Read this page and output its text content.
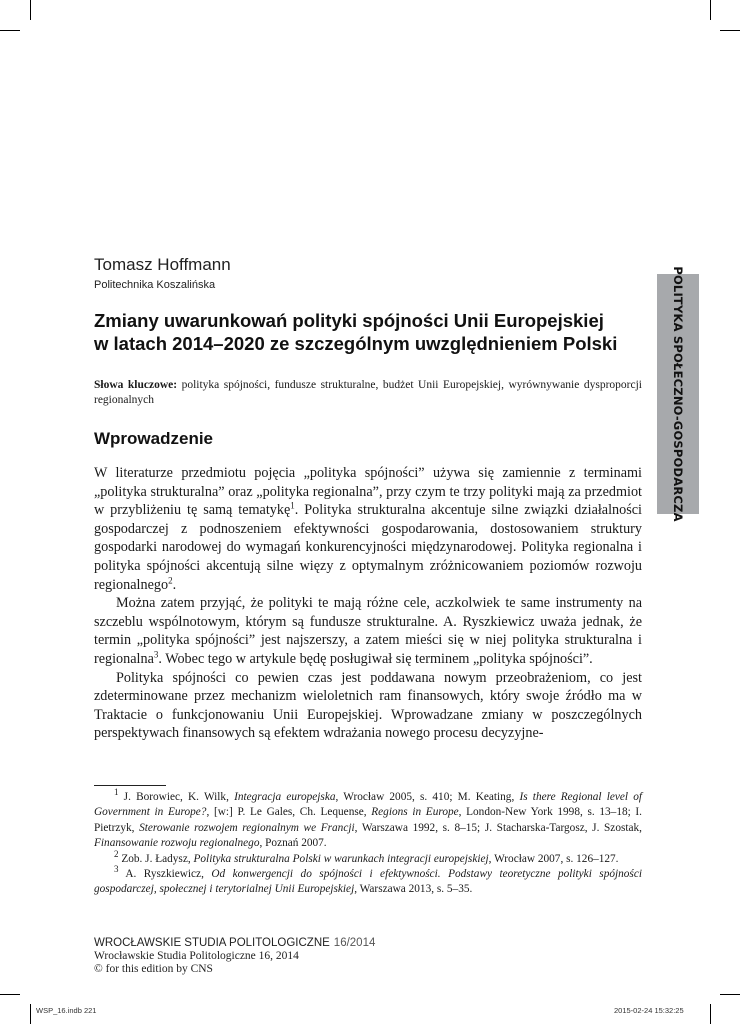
POLITYKA SPOŁECZNO-GOSPODARCZA
Tomasz Hoffmann
Politechnika Koszalińska
Zmiany uwarunkowań polityki spójności Unii Europejskiej
w latach 2014–2020 ze szczególnym uwzględnieniem Polski
Słowa kluczowe: polityka spójności, fundusze strukturalne, budżet Unii Europejskiej, wyrównywanie dysproporcji regionalnych
Wprowadzenie

W literaturze przedmiotu pojęcia „polityka spójności” używa się zamiennie z terminami „polityka strukturalna” oraz „polityka regionalna”, przy czym te trzy polityki mają za przedmiot w przybliżeniu tę samą tematykę$^1$. Polityka strukturalna akcentuje silne związki działalności gospodarczej z podnoszeniem efektywności gospodarowania, dostosowaniem struktury gospodarki narodowej do wymagań konkurencyjności międzynarodowej. Polityka regionalna i polityka spójności akcentują silne więzy z optymalnym zróżnicowaniem poziomów rozwoju regionalnego$^2$.

Można zatem przyjąć, że polityki te mają różne cele, aczkolwiek te same instrumenty na szczeblu wspólnotowym, którym są fundusze strukturalne. A. Ryszkiewicz uważa jednak, że termin „polityka spójności” jest najszerszy, a zatem mieści się w niej polityka strukturalna i regionalna$^3$. Wobec tego w artykule będę posługiwał się terminem „polityka spójności”.

Polityka spójności co pewien czas jest poddawana nowym przeobrażeniom, co jest zdeterminowane przez mechanizm wieloletnich ram finansowych, który swoje źródło ma w Traktacie o funkcjonowaniu Unii Europejskiej. Wprowadzane zmiany w poszczególnych perspektywach finansowych są efektem wdrażania nowego procesu decyzyjne-

$^1$ J. Borowiec, K. Wilk, Integracja europejska, Wrocław 2005, s. 410; M. Keating, Is there Regional level of Government in Europe?, [w:] P. Le Gales, Ch. Lequense, Regions in Europe, London-New York 1998, s. 13–18; I. Pietrzyk, Sterowanie rozwojem regionalnym we Francji, Warszawa 1992, s. 8–15; J. Stacharska-Targosz, J. Szostak, Finansowanie rozwoju regionalnego, Poznań 2007.

$^2$ Zob. J. Ładysz, Polityka strukturalna Polski w warunkach integracji europejskiej, Wrocław 2007, s. 126–127.

$^3$ A. Ryszkiewicz, Od konwergencji do spójności i efektywności. Podstawy teoretyczne polityki spójności gospodarczej, społecznej i terytorialnej Unii Europejskiej, Warszawa 2013, s. 5–35.

WROCŁAWSKIE STUDIA POLITOLOGICZNE 16/2014
Wrocławskie Studia Politologiczne 16, 2014
© for this edition by CNS
WSP_16.indb 221	2015-02-24 15:32:25
